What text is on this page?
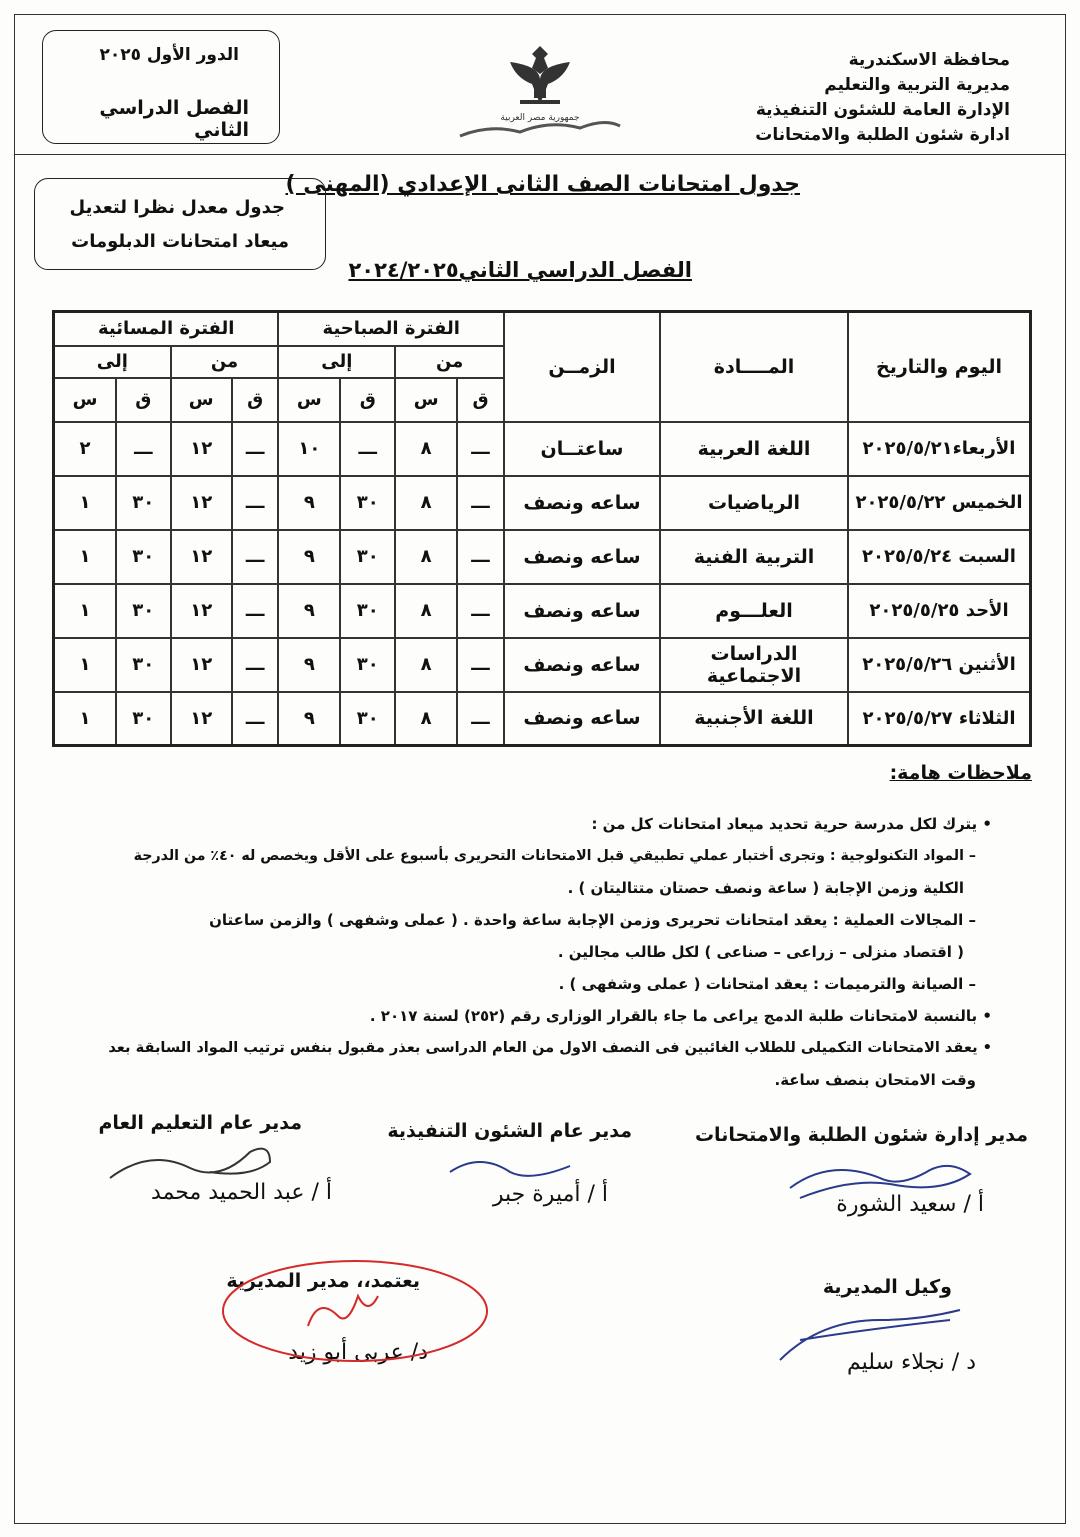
محافظة الاسكندرية
مديرية التربية والتعليم
الإدارة العامة للشئون التنفيذية
ادارة شئون الطلبة والامتحانات
جمهورية مصر العربية
الدور الأول ٢٠٢٥
الفصل الدراسي الثاني
جدول امتحانات الصف الثانى الإعدادي (المهنى )
جدول معدل نظرا لتعديل
ميعاد امتحانات الدبلومات
الفصل الدراسي الثاني٢٠٢٤/٢٠٢٥
اليوم والتاريخ	المــــادة	الزمــن	الفترة الصباحية				الفترة المسائية			
			من		إلى		من		إلى	
			ق	س	ق	س	ق	س	ق	س
الأربعاء٢٠٢٥/٥/٢١	اللغة العربية	ساعتــان	ـــ	٨	ـــ	١٠	ـــ	١٢	ـــ	٢
الخميس ٢٠٢٥/٥/٢٢	الرياضيات	ساعه ونصف	ـــ	٨	٣٠	٩	ـــ	١٢	٣٠	١
السبت ٢٠٢٥/٥/٢٤	التربية الفنية	ساعه ونصف	ـــ	٨	٣٠	٩	ـــ	١٢	٣٠	١
الأحد ٢٠٢٥/٥/٢٥	العلـــوم	ساعه ونصف	ـــ	٨	٣٠	٩	ـــ	١٢	٣٠	١
الأثنين ٢٠٢٥/٥/٢٦	الدراسات الاجتماعية	ساعه ونصف	ـــ	٨	٣٠	٩	ـــ	١٢	٣٠	١
الثلاثاء ٢٠٢٥/٥/٢٧	اللغة الأجنبية	ساعه ونصف	ـــ	٨	٣٠	٩	ـــ	١٢	٣٠	١
ملاحظات هامة:
• يترك لكل مدرسة حرية تحديد ميعاد امتحانات كل من :
– المواد التكنولوجية : وتجرى أختبار عملي تطبيقي قبل الامتحانات التحريرى بأسبوع على الأقل ويخصص له ٤٠٪ من الدرجة
الكلية وزمن الإجابة ( ساعة ونصف حصتان متتاليتان ) .
– المجالات العملية : يعقد امتحانات تحريرى وزمن الإجابة ساعة واحدة . ( عملى وشفهى ) والزمن ساعتان
( اقتصاد منزلى – زراعى – صناعى ) لكل طالب مجالين .
– الصيانة والترميمات : يعقد امتحانات ( عملى وشفهى ) .
• بالنسبة لامتحانات طلبة الدمج يراعى ما جاء بالقرار الوزارى رقم (٢٥٢) لسنة ٢٠١٧ .
• يعقد الامتحانات التكميلى للطلاب الغائبين فى النصف الاول من العام الدراسى بعذر مقبول بنفس ترتيب المواد السابقة بعد
وقت الامتحان بنصف ساعة.
مدير إدارة شئون الطلبة والامتحانات
أ / سعيد الشورة
مدير عام الشئون التنفيذية
أ / أميرة جبر
مدير عام التعليم العام
أ / عبد الحميد محمد
وكيل المديرية
د / نجلاء سليم
يعتمد،، مدير المديرية
د/ عربى أبو زيد
